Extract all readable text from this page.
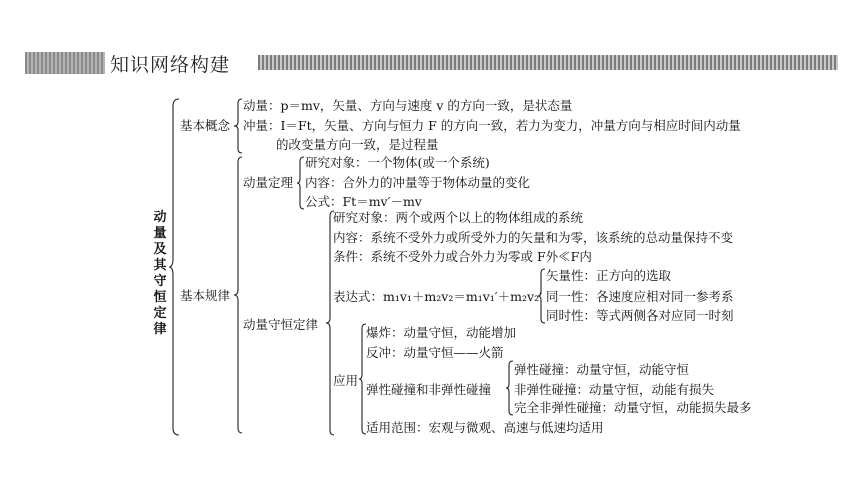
知识网络构建
动量及其守恒定律
基本概念
基本规律
动量：p＝mv，矢量、方向与速度 v 的方向一致，是状态量
冲量：I＝Ft，矢量、方向与恒力 F 的方向一致，若力为变力，冲量方向与相应时间内动量
的改变量方向一致，是过程量
动量定理
研究对象：一个物体(或一个系统)
内容：合外力的冲量等于物体动量的变化
公式：Ft＝mv′－mv
动量守恒定律
研究对象：两个或两个以上的物体组成的系统
内容：系统不受外力或所受外力的矢量和为零，该系统的总动量保持不变
条件：系统不受外力或合外力为零或 F外≪F内
表达式：m₁v₁＋m₂v₂＝m₁v₁′＋m₂v₂′
矢量性：正方向的选取
同一性：各速度应相对同一参考系
同时性：等式两侧各对应同一时刻
应用
爆炸：动量守恒，动能增加
反冲：动量守恒——火箭
弹性碰撞和非弹性碰撞
弹性碰撞：动量守恒，动能守恒
非弹性碰撞：动量守恒，动能有损失
完全非弹性碰撞：动量守恒，动能损失最多
适用范围：宏观与微观、高速与低速均适用
